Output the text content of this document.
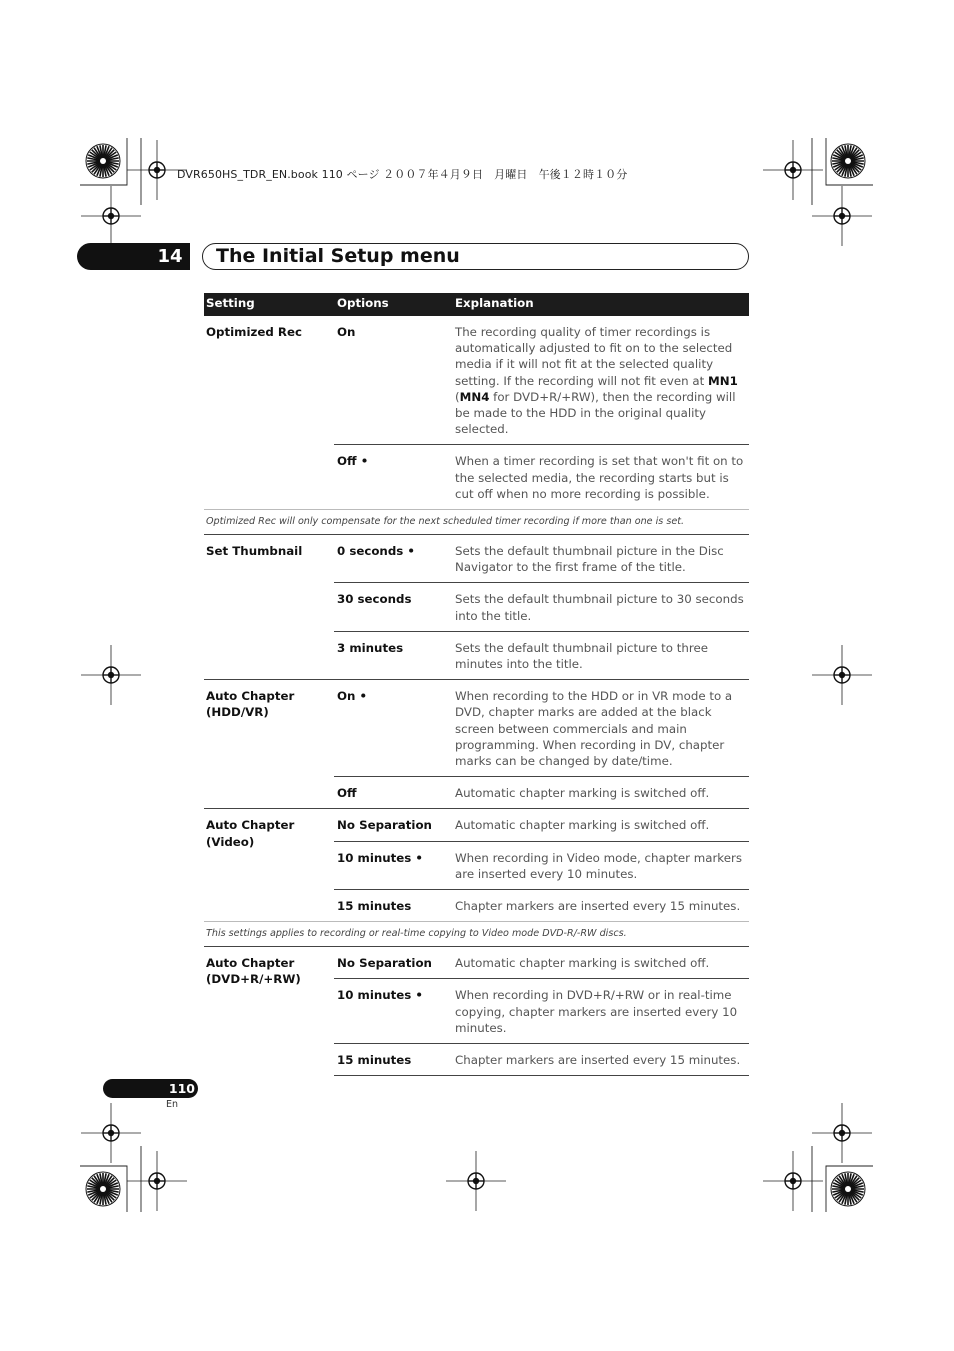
DVR650HS_TDR_EN.book 110 ページ ２００７年４月９日　月曜日　午後１２時１０分
14	The Initial Setup menu
Setting	Options	Explanation
Optimized Rec	On	The recording quality of timer recordings is automatically adjusted to fit on to the selected media if it will not fit at the selected quality setting. If the recording will not fit even at MN1 (MN4 for DVD+R/+RW), then the recording will be made to the HDD in the original quality selected.
	Off •	When a timer recording is set that won't fit on to the selected media, the recording starts but is cut off when no more recording is possible.
Optimized Rec will only compensate for the next scheduled timer recording if more than one is set.		
Set Thumbnail	0 seconds •	Sets the default thumbnail picture in the Disc Navigator to the first frame of the title.
	30 seconds	Sets the default thumbnail picture to 30 seconds into the title.
	3 minutes	Sets the default thumbnail picture to three minutes into the title.
Auto Chapter
(HDD/VR)	On •	When recording to the HDD or in VR mode to a DVD, chapter marks are added at the black screen between commercials and main programming. When recording in DV, chapter marks can be changed by date/time.
	Off	Automatic chapter marking is switched off.
Auto Chapter
(Video)	No Separation	Automatic chapter marking is switched off.
	10 minutes •	When recording in Video mode, chapter markers are inserted every 10 minutes.
	15 minutes	Chapter markers are inserted every 15 minutes.
This settings applies to recording or real-time copying to Video mode DVD-R/-RW discs.		
Auto Chapter
(DVD+R/+RW)	No Separation	Automatic chapter marking is switched off.
	10 minutes •	When recording in DVD+R/+RW or in real-time copying, chapter markers are inserted every 10 minutes.
	15 minutes	Chapter markers are inserted every 15 minutes.
110
En
